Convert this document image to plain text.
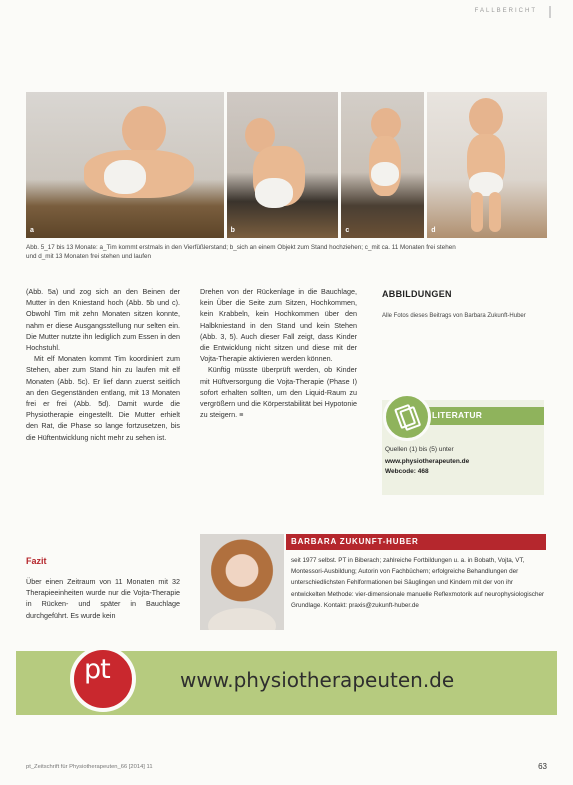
FALLBERICHT
a	b	c	d
Abb. 5_17 bis 13 Monate: a_Tim kommt erstmals in den Vierfüßlerstand; b_sich an einem Objekt zum Stand hochziehen; c_mit ca. 11 Monaten frei stehen und d_mit 13 Monaten frei stehen und laufen

(Abb. 5a) und zog sich an den Beinen der Mutter in den Kniestand hoch (Abb. 5b und c). Obwohl Tim mit zehn Monaten sitzen konnte, nahm er diese Ausgangsstellung nur selten ein. Die Mutter nutzte ihn lediglich zum Essen in den Hochstuhl.

Mit elf Monaten kommt Tim koordiniert zum Stehen, aber zum Stand hin zu laufen mit elf Monaten (Abb. 5c). Er lief dann zuerst seitlich an den Gegenständen entlang, mit 13 Monaten frei er frei (Abb. 5d). Damit wurde die Physiotherapie eingestellt. Die Mutter erhielt den Rat, die Phase so lange fortzusetzen, bis die Hüftentwicklung nicht mehr zu sehen ist.

Drehen von der Rückenlage in die Bauchlage, kein Über die Seite zum Sitzen, Hochkommen, kein Krabbeln, kein Hochkommen über den Halbkniestand in den Stand und kein Stehen (Abb. 3, 5). Auch dieser Fall zeigt, dass Kinder die Entwicklung nicht sitzen und diese mit der Vojta-Therapie aktivieren werden können.

Künftig müsste überprüft werden, ob Kinder mit Hüftversorgung die Vojta-Therapie (Phase I) sofort erhalten sollten, um den Liquid-Raum zu vergrößern und die Körperstabilität bei Hypotonie zu steigern. ≡

Fazit
Über einen Zeitraum von 11 Monaten mit 32 Therapieeinheiten wurde nur die Vojta-Therapie in Rücken- und später in Bauchlage durchgeführt. Es wurde kein
ABBILDUNGEN
Alle Fotos dieses Beitrags von Barbara Zukunft-Huber
LITERATUR
Quellen (1) bis (5) unter
www.physiotherapeuten.de
Webcode: 468
BARBARA ZUKUNFT-HUBER
seit 1977 selbst. PT in Biberach; zahlreiche Fortbildungen u. a. in Bobath, Vojta, VT, Montessori-Ausbildung; Autorin von Fachbüchern; erfolgreiche Behandlungen der unterschiedlichsten Fehlformationen bei Säuglingen und Kindern mit der von ihr entwickelten Methode: vier-dimensionale manuelle Reflexmotorik auf neurophysiologischer Grundlage. Kontakt: praxis@zukunft-huber.de
pt	www.physiotherapeuten.de
pt_Zeitschrift für Physiotherapeuten_66 [2014] 11	63
